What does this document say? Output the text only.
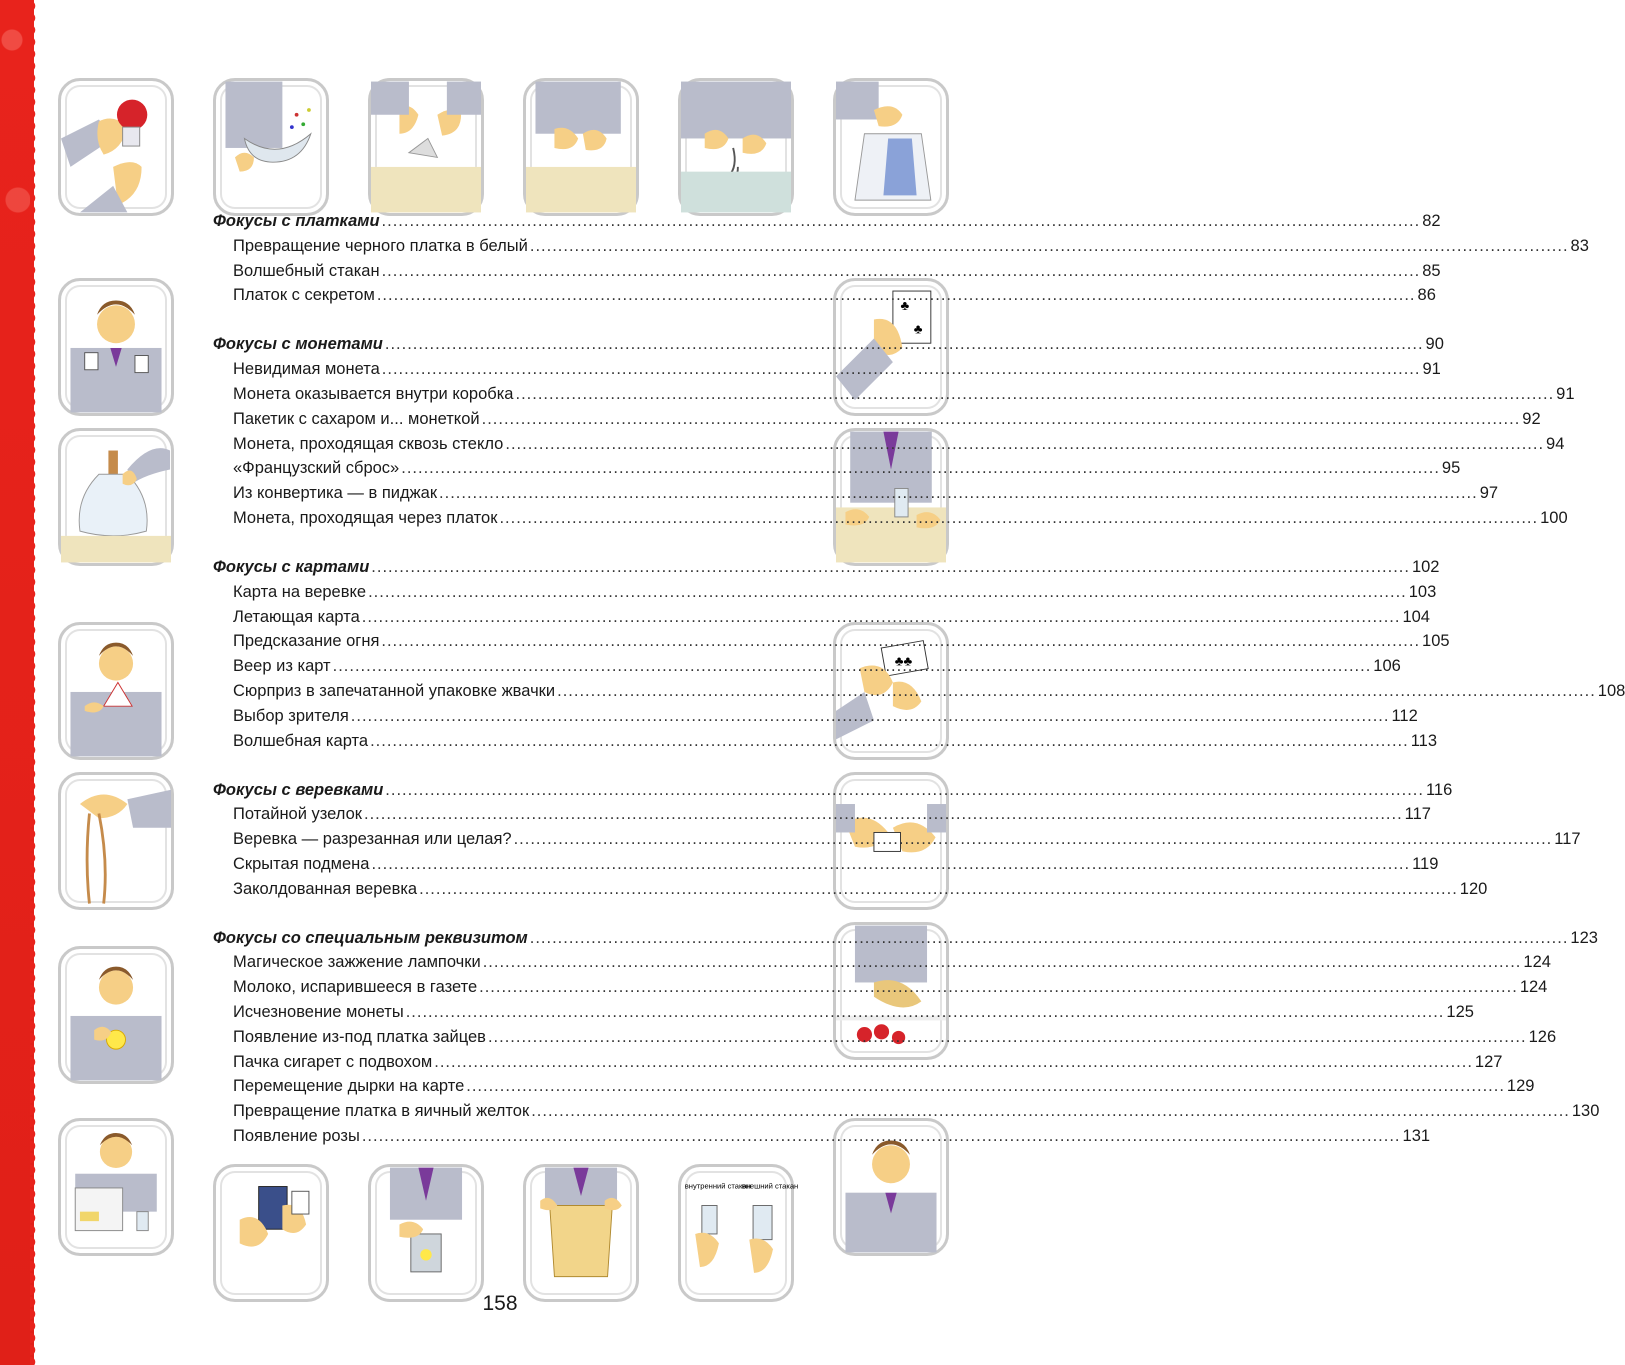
♣
♣
♣♣
внутренний стакан
внешний стакан
Фокусы с платками .....	82
Превращение черного платка в белый .....	83
Волшебный стакан .....	85
Платок с секретом .....	86
Фокусы с монетами .....	90
Невидимая монета .....	91
Монета оказывается внутри коробка .....	91
Пакетик с сахаром и... монеткой .....	92
Монета, проходящая сквозь стекло .....	94
«Французский сброс» .....	95
Из конвертика — в пиджак .....	97
Монета, проходящая через платок .....	100
Фокусы с картами .....	102
Карта на веревке .....	103
Летающая карта .....	104
Предсказание огня .....	105
Веер из карт .....	106
Сюрприз в запечатанной упаковке жвачки .....	108
Выбор зрителя .....	112
Волшебная карта .....	113
Фокусы с веревками .....	116
Потайной узелок .....	117
Веревка — разрезанная или целая? .....	117
Скрытая подмена .....	119
Заколдованная веревка .....	120
Фокусы со специальным реквизитом .....	123
Магическое зажжение лампочки .....	124
Молоко, испарившееся в газете .....	124
Исчезновение монеты .....	125
Появление из-под платка зайцев .....	126
Пачка сигарет с подвохом .....	127
Перемещение дырки на карте .....	129
Превращение платка в яичный желток .....	130
Появление розы .....	131
158
